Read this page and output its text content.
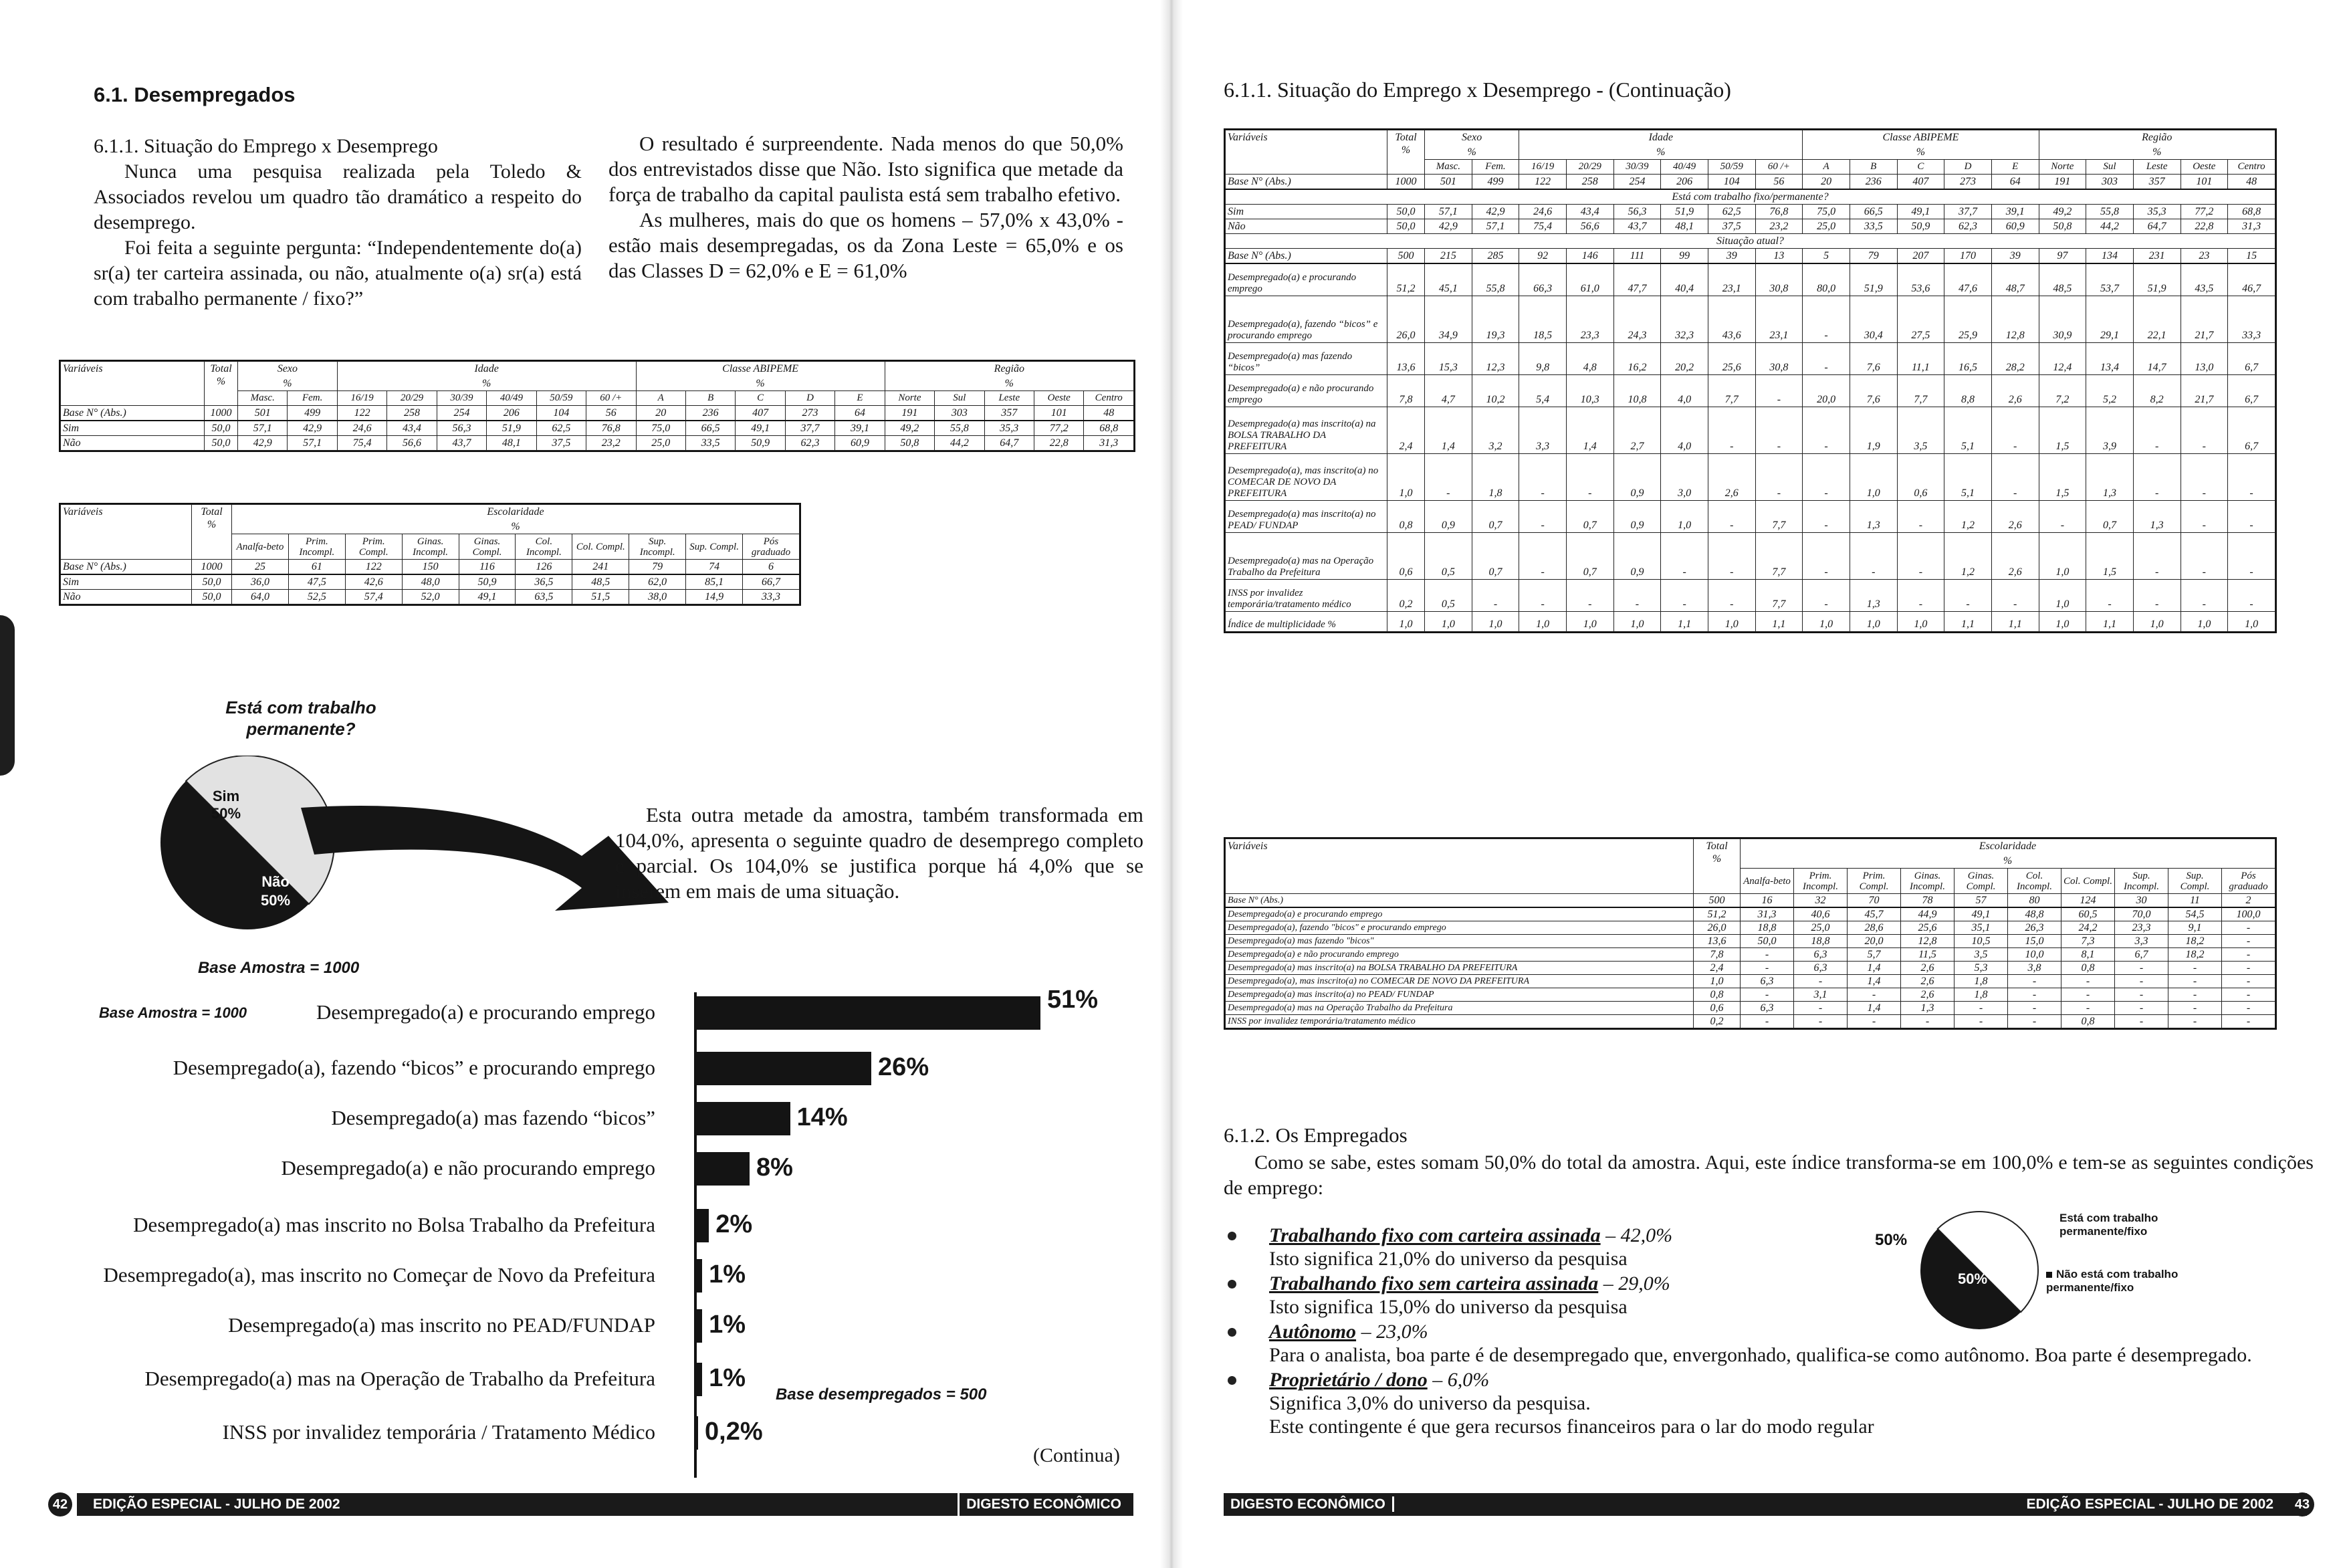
6.1. Desempregados

6.1.1. Situação do Emprego x Desemprego

Nunca uma pesquisa realizada pela Toledo & Associados revelou um quadro tão dramático a respeito do desemprego.

Foi feita a seguinte pergunta: “Independentemente do(a) sr(a) ter carteira assinada, ou não, atualmente o(a) sr(a) está com trabalho permanente / fixo?”

O resultado é surpreendente. Nada menos do que 50,0% dos entrevistados disse que Não. Isto significa que metade da força de trabalho da capital paulista está sem trabalho efetivo.

As mulheres, mais do que os homens – 57,0% x 43,0% - estão mais desempregadas, os da Zona Leste = 65,0% e os das Classes D = 62,0% e E = 61,0%

Variáveis	Total
%	Sexo		Idade						Classe ABIPEME					Região				
		%		%						%					%				
		Masc.	Fem.	16/19	20/29	30/39	40/49	50/59	60 /+	A	B	C	D	E	Norte	Sul	Leste	Oeste	Centro
Base N° (Abs.)	1000	501	499	122	258	254	206	104	56	20	236	407	273	64	191	303	357	101	48
Sim	50,0	57,1	42,9	24,6	43,4	56,3	51,9	62,5	76,8	75,0	66,5	49,1	37,7	39,1	49,2	55,8	35,3	77,2	68,8
Não	50,0	42,9	57,1	75,4	56,6	43,7	48,1	37,5	23,2	25,0	33,5	50,9	62,3	60,9	50,8	44,2	64,7	22,8	31,3
Variáveis	Total
%	Escolaridade									
		%									
		Analfa-beto	Prim. Incompl.	Prim. Compl.	Ginas. Incompl.	Ginas. Compl.	Col. Incompl.	Col. Compl.	Sup. Incompl.	Sup. Compl.	Pós graduado
Base N° (Abs.)	1000	25	61	122	150	116	126	241	79	74	6
Sim	50,0	36,0	47,5	42,6	48,0	50,9	36,5	48,5	62,0	85,1	66,7
Não	50,0	64,0	52,5	57,4	52,0	49,1	63,5	51,5	38,0	14,9	33,3
Está com trabalho permanente?
Sim
50%
Não
50%
Base Amostra = 1000

Esta outra metade da amostra, também transformada em 104,0%, apresenta o seguinte quadro de desemprego completo e parcial. Os 104,0% se justifica porque há 4,0% que se inserem em mais de uma situação.

Base Amostra = 1000	Desempregado(a) e procurando emprego	51%
Desempregado(a), fazendo “bicos” e procurando emprego	26%
Desempregado(a) mas fazendo “bicos”	14%
Desempregado(a) e não procurando emprego	8%
Desempregado(a) mas inscrito no Bolsa Trabalho da Prefeitura 2%
Desempregado(a), mas inscrito no Começar de Novo da Prefeitura 1%
Desempregado(a) mas inscrito no PEAD/FUNDAP 1%
Desempregado(a) mas na Operação de Trabalho da Prefeitura 1%
INSS por invalidez temporária / Tratamento Médico 0,2%
Base desempregados = 500
(Continua)
42	EDIÇÃO ESPECIAL - JULHO DE 2002	DIGESTO ECONÔMICO
6.1.1. Situação do Emprego x Desemprego - (Continuação)
Variáveis	Total
%	Sexo		Idade						Classe ABIPEME					Região				
		%		%						%					%				
		Masc.	Fem.	16/19	20/29	30/39	40/49	50/59	60 /+	A	B	C	D	E	Norte	Sul	Leste	Oeste	Centro
Base N° (Abs.)	1000	501	499	122	258	254	206	104	56	20	236	407	273	64	191	303	357	101	48
Está com trabalho fixo/permanente?																			
Sim	50,0	57,1	42,9	24,6	43,4	56,3	51,9	62,5	76,8	75,0	66,5	49,1	37,7	39,1	49,2	55,8	35,3	77,2	68,8
Não	50,0	42,9	57,1	75,4	56,6	43,7	48,1	37,5	23,2	25,0	33,5	50,9	62,3	60,9	50,8	44,2	64,7	22,8	31,3
Situação atual?																			
Base N° (Abs.)	500	215	285	92	146	111	99	39	13	5	79	207	170	39	97	134	231	23	15
Desempregado(a) e procurando emprego	51,2	45,1	55,8	66,3	61,0	47,7	40,4	23,1	30,8	80,0	51,9	53,6	47,6	48,7	48,5	53,7	51,9	43,5	46,7
Desempregado(a), fazendo “bicos” e procurando emprego	26,0	34,9	19,3	18,5	23,3	24,3	32,3	43,6	23,1	-	30,4	27,5	25,9	12,8	30,9	29,1	22,1	21,7	33,3
Desempregado(a) mas fazendo “bicos”	13,6	15,3	12,3	9,8	4,8	16,2	20,2	25,6	30,8	-	7,6	11,1	16,5	28,2	12,4	13,4	14,7	13,0	6,7
Desempregado(a) e não procurando emprego	7,8	4,7	10,2	5,4	10,3	10,8	4,0	7,7	-	20,0	7,6	7,7	8,8	2,6	7,2	5,2	8,2	21,7	6,7
Desempregado(a) mas inscrito(a) na BOLSA TRABALHO DA PREFEITURA	2,4	1,4	3,2	3,3	1,4	2,7	4,0	-	-	-	1,9	3,5	5,1	-	1,5	3,9	-	-	6,7
Desempregado(a), mas inscrito(a) no COMECAR DE NOVO DA PREFEITURA	1,0	-	1,8	-	-	0,9	3,0	2,6	-	-	1,0	0,6	5,1	-	1,5	1,3	-	-	-
Desempregado(a) mas inscrito(a) no PEAD/ FUNDAP	0,8	0,9	0,7	-	0,7	0,9	1,0	-	7,7	-	1,3	-	1,2	2,6	-	0,7	1,3	-	-
Desempregado(a) mas na Operação Trabalho da Prefeitura	0,6	0,5	0,7	-	0,7	0,9	-	-	7,7	-	-	-	1,2	2,6	1,0	1,5	-	-	-
INSS por invalidez temporária/tratamento médico	0,2	0,5	-	-	-	-	-	-	7,7	-	1,3	-	-	-	1,0	-	-	-	-
Índice de multiplicidade %	1,0	1,0	1,0	1,0	1,0	1,0	1,1	1,0	1,1	1,0	1,0	1,0	1,1	1,1	1,0	1,1	1,0	1,0	1,0
Variáveis	Total
%	Escolaridade									
		%									
		Analfa-beto	Prim. Incompl.	Prim. Compl.	Ginas. Incompl.	Ginas. Compl.	Col. Incompl.	Col. Compl.	Sup. Incompl.	Sup. Compl.	Pós graduado
Base N° (Abs.)	500	16	32	70	78	57	80	124	30	11	2
Desempregado(a) e procurando emprego	51,2	31,3	40,6	45,7	44,9	49,1	48,8	60,5	70,0	54,5	100,0
Desempregado(a), fazendo "bicos" e procurando emprego	26,0	18,8	25,0	28,6	25,6	35,1	26,3	24,2	23,3	9,1	-
Desempregado(a) mas fazendo "bicos"	13,6	50,0	18,8	20,0	12,8	10,5	15,0	7,3	3,3	18,2	-
Desempregado(a) e não procurando emprego	7,8	-	6,3	5,7	11,5	3,5	10,0	8,1	6,7	18,2	-
Desempregado(a) mas inscrito(a) na BOLSA TRABALHO DA PREFEITURA	2,4	-	6,3	1,4	2,6	5,3	3,8	0,8	-	-	-
Desempregado(a), mas inscrito(a) no COMECAR DE NOVO DA PREFEITURA	1,0	6,3	-	1,4	2,6	1,8	-	-	-	-	-
Desempregado(a) mas inscrito(a) no PEAD/ FUNDAP	0,8	-	3,1	-	2,6	1,8	-	-	-	-	-
Desempregado(a) mas na Operação Trabalho da Prefeitura	0,6	6,3	-	1,4	1,3	-	-	-	-	-	-
INSS por invalidez temporária/tratamento médico	0,2	-	-	-	-	-	-	0,8	-	-	-
6.1.2. Os Empregados

Como se sabe, estes somam 50,0% do total da amostra. Aqui, este índice transforma-se em 100,0% e tem-se as seguintes condições de emprego:

Trabalhando fixo com carteira assinada – 42,0%
Isto significa 21,0% do universo da pesquisa
Trabalhando fixo sem carteira assinada – 29,0%
Isto significa 15,0% do universo da pesquisa
Autônomo – 23,0%
Para o analista, boa parte é de desempregado que, envergonhado, qualifica-se como autônomo. Boa parte é desempregado.
Proprietário / dono – 6,0%
Significa 3,0% do universo da pesquisa.
Este contingente é que gera recursos financeiros para o lar do modo regular
50%
50%
Está com trabalho permanente/fixo
Não está com trabalho permanente/fixo
DIGESTO ECONÔMICO	EDIÇÃO ESPECIAL - JULHO DE 2002	43
